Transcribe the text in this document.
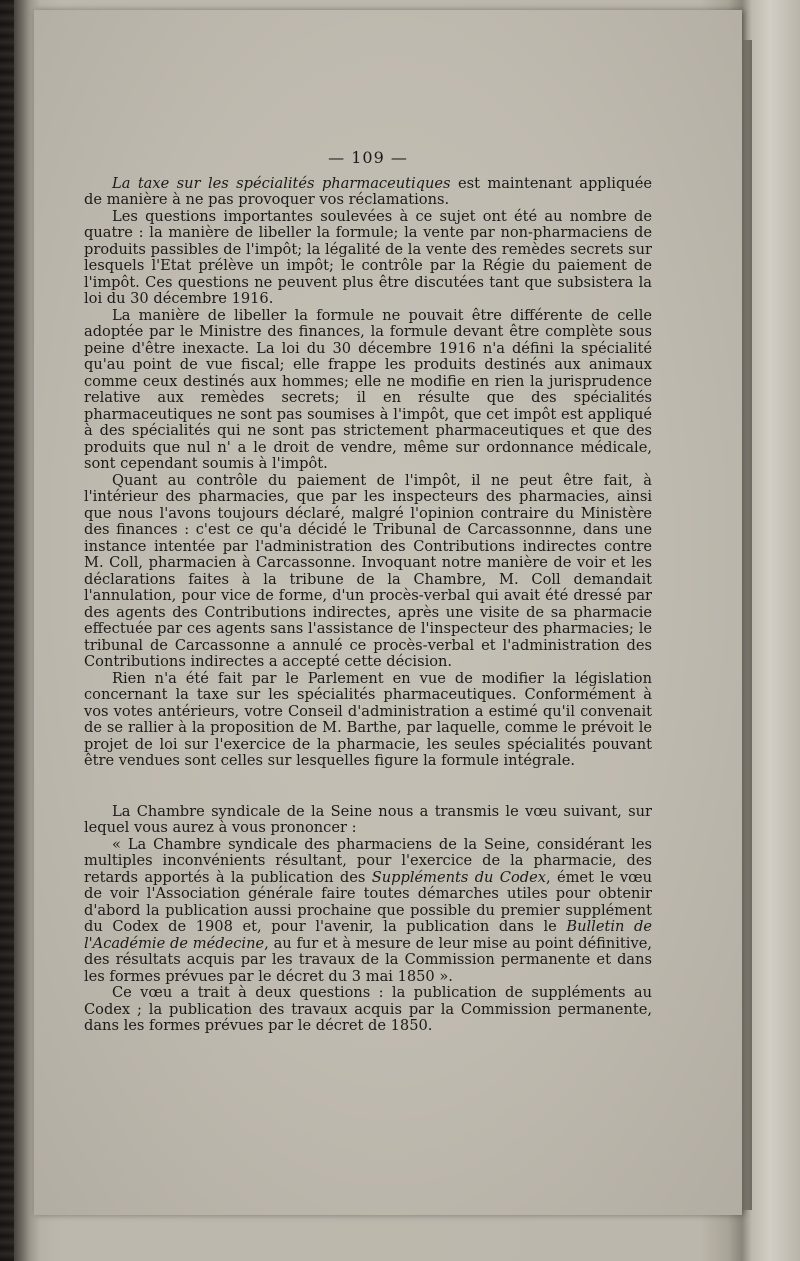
— 109 —

La taxe sur les spécialités pharmaceutiques est maintenant appliquée de manière à ne pas provoquer vos réclamations.

Les questions importantes soulevées à ce sujet ont été au nombre de quatre : la manière de libeller la formule; la vente par non-pharmaciens de produits passibles de l'impôt; la légalité de la vente des remèdes secrets sur lesquels l'Etat prélève un impôt; le contrôle par la Régie du paiement de l'impôt. Ces questions ne peuvent plus être discutées tant que subsistera la loi du 30 décembre 1916.

La manière de libeller la formule ne pouvait être différente de celle adoptée par le Ministre des finances, la formule devant être complète sous peine d'être inexacte. La loi du 30 décembre 1916 n'a défini la spécialité qu'au point de vue fiscal; elle frappe les produits destinés aux animaux comme ceux destinés aux hommes; elle ne modifie en rien la jurisprudence relative aux remèdes secrets; il en résulte que des spécialités pharmaceutiques ne sont pas soumises à l'impôt, que cet impôt est appliqué à des spécialités qui ne sont pas strictement pharmaceutiques et que des produits que nul n' a le droit de vendre, même sur ordonnance médicale, sont cependant soumis à l'impôt.

Quant au contrôle du paiement de l'impôt, il ne peut être fait, à l'intérieur des pharmacies, que par les inspecteurs des pharmacies, ainsi que nous l'avons toujours déclaré, malgré l'opinion contraire du Ministère des finances : c'est ce qu'a décidé le Tribunal de Carcassonnne, dans une instance intentée par l'administration des Contributions indirectes contre M. Coll, pharmacien à Carcassonne. Invoquant notre manière de voir et les déclarations faites à la tribune de la Chambre, M. Coll demandait l'annulation, pour vice de forme, d'un procès-verbal qui avait été dressé par des agents des Contributions indirectes, après une visite de sa pharmacie effectuée par ces agents sans l'assistance de l'inspecteur des pharmacies; le tribunal de Carcassonne a annulé ce procès-verbal et l'administration des Contributions indirectes a accepté cette décision.

Rien n'a été fait par le Parlement en vue de modifier la législation concernant la taxe sur les spécialités pharmaceutiques. Conformément à vos votes antérieurs, votre Conseil d'administration a estimé qu'il convenait de se rallier à la proposition de M. Barthe, par laquelle, comme le prévoit le projet de loi sur l'exercice de la pharmacie, les seules spécialités pouvant être vendues sont celles sur lesquelles figure la formule intégrale.

La Chambre syndicale de la Seine nous a transmis le vœu suivant, sur lequel vous aurez à vous prononcer :

« La Chambre syndicale des pharmaciens de la Seine, considérant les multiples inconvénients résultant, pour l'exercice de la pharmacie, des retards apportés à la publication des Suppléments du Codex, émet le vœu de voir l'Association générale faire toutes démarches utiles pour obtenir d'abord la publication aussi prochaine que possible du premier supplément du Codex de 1908 et, pour l'avenir, la publication dans le Bulletin de l'Académie de médecine, au fur et à mesure de leur mise au point définitive, des résultats acquis par les travaux de la Commission permanente et dans les formes prévues par le décret du 3 mai 1850 ».

Ce vœu a trait à deux questions : la publication de suppléments au Codex ; la publication des travaux acquis par la Commission permanente, dans les formes prévues par le décret de 1850.
